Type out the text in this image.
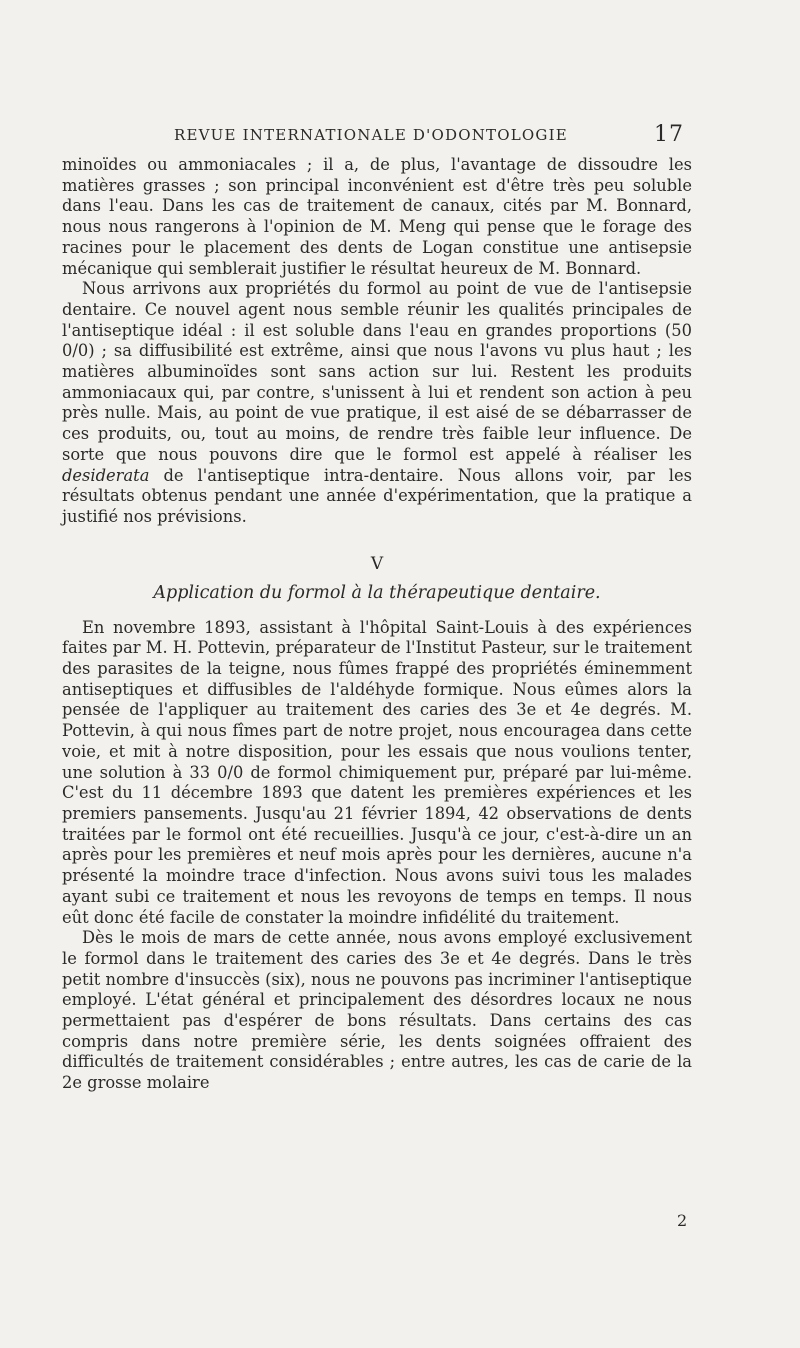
REVUE INTERNATIONALE D'ODONTOLOGIE	17

minoïdes ou ammoniacales ; il a, de plus, l'avantage de dissoudre les matières grasses ; son principal inconvénient est d'être très peu soluble dans l'eau. Dans les cas de traitement de canaux, cités par M. Bonnard, nous nous rangerons à l'opinion de M. Meng qui pense que le forage des racines pour le placement des dents de Logan constitue une antisepsie mécanique qui semblerait justifier le résultat heureux de M. Bonnard.

Nous arrivons aux propriétés du formol au point de vue de l'antisepsie dentaire. Ce nouvel agent nous semble réunir les qualités principales de l'antiseptique idéal : il est soluble dans l'eau en grandes proportions (50 0/0) ; sa diffusibilité est extrême, ainsi que nous l'avons vu plus haut ; les matières albuminoïdes sont sans action sur lui. Restent les produits ammoniacaux qui, par contre, s'unissent à lui et rendent son action à peu près nulle. Mais, au point de vue pratique, il est aisé de se débarrasser de ces produits, ou, tout au moins, de rendre très faible leur influence. De sorte que nous pouvons dire que le formol est appelé à réaliser les desiderata de l'antiseptique intra-dentaire. Nous allons voir, par les résultats obtenus pendant une année d'expérimentation, que la pratique a justifié nos prévisions.

V
Application du formol à la thérapeutique dentaire.

En novembre 1893, assistant à l'hôpital Saint-Louis à des expériences faites par M. H. Pottevin, préparateur de l'Institut Pasteur, sur le traitement des parasites de la teigne, nous fûmes frappé des propriétés éminemment antiseptiques et diffusibles de l'aldéhyde formique. Nous eûmes alors la pensée de l'appliquer au traitement des caries des 3e et 4e degrés. M. Pottevin, à qui nous fîmes part de notre projet, nous encouragea dans cette voie, et mit à notre disposition, pour les essais que nous voulions tenter, une solution à 33 0/0 de formol chimiquement pur, préparé par lui-même. C'est du 11 décembre 1893 que datent les premières expériences et les premiers pansements. Jusqu'au 21 février 1894, 42 observations de dents traitées par le formol ont été recueillies. Jusqu'à ce jour, c'est-à-dire un an après pour les premières et neuf mois après pour les dernières, aucune n'a présenté la moindre trace d'infection. Nous avons suivi tous les malades ayant subi ce traitement et nous les revoyons de temps en temps. Il nous eût donc été facile de constater la moindre infidélité du traitement.

Dès le mois de mars de cette année, nous avons employé exclusivement le formol dans le traitement des caries des 3e et 4e degrés. Dans le très petit nombre d'insuccès (six), nous ne pouvons pas incriminer l'antiseptique employé. L'état général et principalement des désordres locaux ne nous permettaient pas d'espérer de bons résultats. Dans certains des cas compris dans notre première série, les dents soignées offraient des difficultés de traitement considérables ; entre autres, les cas de carie de la 2e grosse molaire

2
